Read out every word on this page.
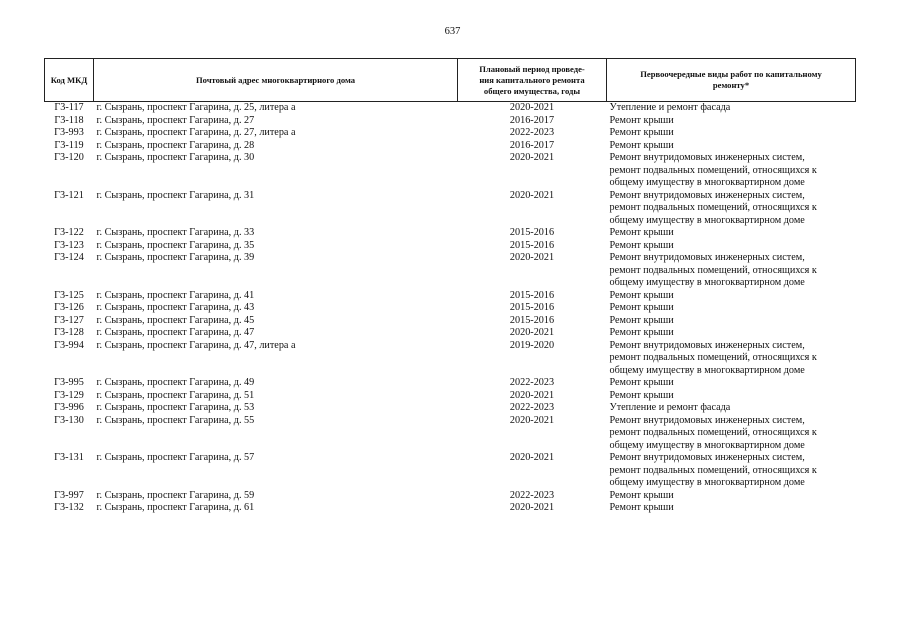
637
Код МКД	Почтовый адрес многоквартирного дома	Плановый период проведе-
ния капитального ремонта
общего имущества, годы	Первоочередные виды работ по капитальному
ремонту*
Г3-117	г. Сызрань, проспект Гагарина, д. 25, литера а	2020-2021	Утепление и ремонт фасада

Г3-118	г. Сызрань, проспект Гагарина, д. 27	2016-2017	Ремонт крыши

Г3-993	г. Сызрань, проспект Гагарина, д. 27, литера а	2022-2023	Ремонт крыши

Г3-119	г. Сызрань, проспект Гагарина, д. 28	2016-2017	Ремонт крыши

Г3-120	г. Сызрань, проспект Гагарина, д. 30	2020-2021	Ремонт внутридомовых инженерных систем,
ремонт подвальных помещений, относящихся к
общему имуществу в многоквартирном доме

Г3-121	г. Сызрань, проспект Гагарина, д. 31	2020-2021	Ремонт внутридомовых инженерных систем,
ремонт подвальных помещений, относящихся к
общему имуществу в многоквартирном доме

Г3-122	г. Сызрань, проспект Гагарина, д. 33	2015-2016	Ремонт крыши

Г3-123	г. Сызрань, проспект Гагарина, д. 35	2015-2016	Ремонт крыши

Г3-124	г. Сызрань, проспект Гагарина, д. 39	2020-2021	Ремонт внутридомовых инженерных систем,
ремонт подвальных помещений, относящихся к
общему имуществу в многоквартирном доме

Г3-125	г. Сызрань, проспект Гагарина, д. 41	2015-2016	Ремонт крыши

Г3-126	г. Сызрань, проспект Гагарина, д. 43	2015-2016	Ремонт крыши

Г3-127	г. Сызрань, проспект Гагарина, д. 45	2015-2016	Ремонт крыши

Г3-128	г. Сызрань, проспект Гагарина, д. 47	2020-2021	Ремонт крыши

Г3-994	г. Сызрань, проспект Гагарина, д. 47, литера а	2019-2020	Ремонт внутридомовых инженерных систем,
ремонт подвальных помещений, относящихся к
общему имуществу в многоквартирном доме

Г3-995	г. Сызрань, проспект Гагарина, д. 49	2022-2023	Ремонт крыши

Г3-129	г. Сызрань, проспект Гагарина, д. 51	2020-2021	Ремонт крыши

Г3-996	г. Сызрань, проспект Гагарина, д. 53	2022-2023	Утепление и ремонт фасада

Г3-130	г. Сызрань, проспект Гагарина, д. 55	2020-2021	Ремонт внутридомовых инженерных систем,
ремонт подвальных помещений, относящихся к
общему имуществу в многоквартирном доме

Г3-131	г. Сызрань, проспект Гагарина, д. 57	2020-2021	Ремонт внутридомовых инженерных систем,
ремонт подвальных помещений, относящихся к
общему имуществу в многоквартирном доме

Г3-997	г. Сызрань, проспект Гагарина, д. 59	2022-2023	Ремонт крыши

Г3-132	г. Сызрань, проспект Гагарина, д. 61	2020-2021	Ремонт крыши
